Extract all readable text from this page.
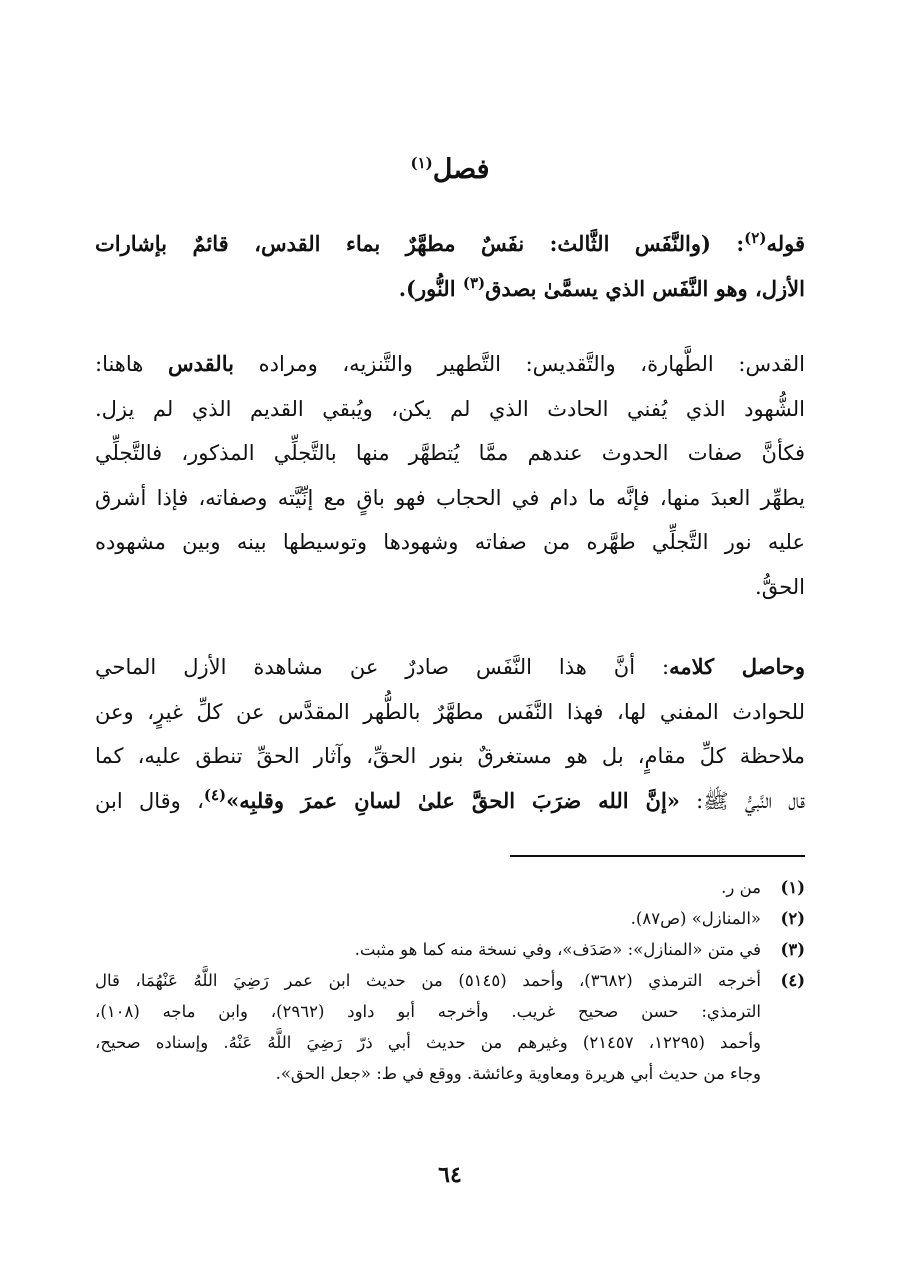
فصل$^{(١)}$
قوله$^{(٢)}$: (والنَّفَس الثَّالث: نفَسٌ مطهَّرٌ بماء القدس، قائمٌ بإشارات
الأزل، وهو النَّفَس الذي يسمَّىٰ بصدق$^{(٣)}$ النُّور).
القدس: الطَّهارة، والتَّقديس: التَّطهير والتَّنزيه، ومراده بالقدس هاهنا:
الشُّهود الذي يُفني الحادث الذي لم يكن، ويُبقي القديم الذي لم يزل.
فكأنَّ صفات الحدوث عندهم ممَّا يُتطهَّر منها بالتَّجلِّي المذكور، فالتَّجلِّي
يطهِّر العبدَ منها، فإنَّه ما دام في الحجاب فهو باقٍ مع إنِّيَّته وصفاته، فإذا أشرق
عليه نور التَّجلِّي طهَّره من صفاته وشهودها وتوسيطها بينه وبين مشهوده
الحقُّ.
وحاصل كلامه: أنَّ هذا النَّفَس صادرٌ عن مشاهدة الأزل الماحي
للحوادث المفني لها، فهذا النَّفَس مطهَّرٌ بالطُّهر المقدَّس عن كلِّ غيرٍ، وعن
ملاحظة كلِّ مقامٍ، بل هو مستغرقٌ بنور الحقِّ، وآثار الحقِّ تنطق عليه، كما
قال النَّبيُّ ﷺ: «إنَّ الله ضرَبَ الحقَّ علىٰ لسانِ عمرَ وقلبِه»$^{(٤)}$، وقال ابن
(١)
من ر.
(٢)
«المنازل» (ص٨٧).
(٣)
في متن «المنازل»: «صَدَف»، وفي نسخة منه كما هو مثبت.
(٤)
أخرجه الترمذي (٣٦٨٢)، وأحمد (٥١٤٥) من حديث ابن عمر رَضِيَ اللَّهُ عَنْهُمَا، قال
الترمذي: حسن صحيح غريب. وأخرجه أبو داود (٢٩٦٢)، وابن ماجه (١٠٨)،
وأحمد (١٢٢٩٥، ٢١٤٥٧) وغيرهم من حديث أبي ذرّ رَضِيَ اللَّهُ عَنْهُ. وإسناده صحيح،
وجاء من حديث أبي هريرة ومعاوية وعائشة. ووقع في ط: «جعل الحق».
٦٤
